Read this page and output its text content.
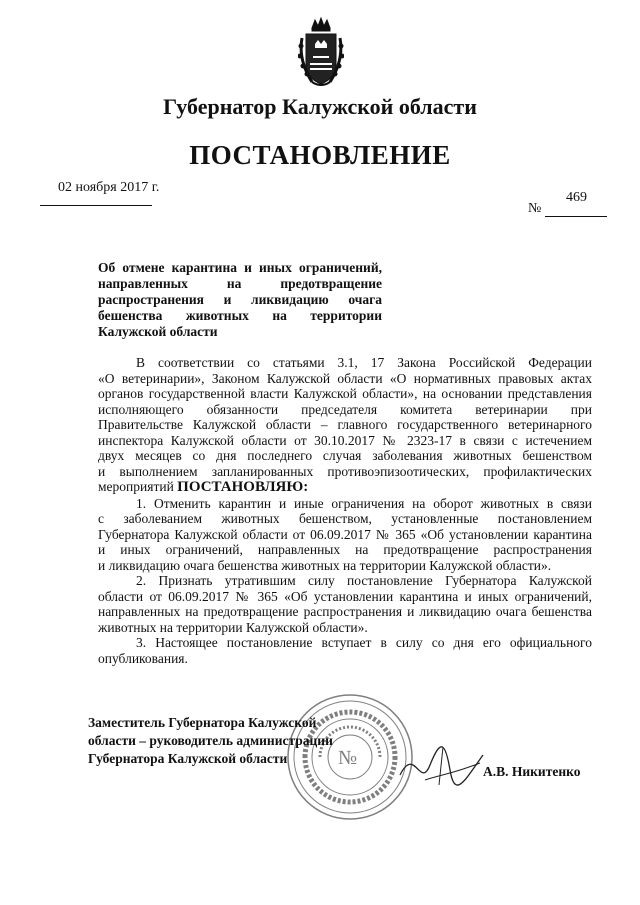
Губернатор Калужской области
ПОСТАНОВЛЕНИЕ
02 ноября 2017 г.
469
№
Об отмене карантина и иных ограничений,
направленных на предотвращение
распространения и ликвидацию очага
бешенства животных на территории
Калужской области
В соответствии со статьями 3.1, 17 Закона Российской Федерации
«О ветеринарии», Законом Калужской области «О нормативных правовых актах
органов государственной власти Калужской области», на основании представления
исполняющего обязанности председателя комитета ветеринарии при
Правительстве Калужской области – главного государственного ветеринарного
инспектора Калужской области от 30.10.2017 № 2323-17 в связи с истечением
двух месяцев со дня последнего случая заболевания животных бешенством
и выполнением запланированных противоэпизоотических, профилактических
мероприятий ПОСТАНОВЛЯЮ:
1. Отменить карантин и иные ограничения на оборот животных в связи
с заболеванием животных бешенством, установленные постановлением
Губернатора Калужской области от 06.09.2017 № 365 «Об установлении карантина
и иных ограничений, направленных на предотвращение распространения
и ликвидацию очага бешенства животных на территории Калужской области».
2. Признать утратившим силу постановление Губернатора Калужской
области от 06.09.2017 № 365 «Об установлении карантина и иных ограничений,
направленных на предотвращение распространения и ликвидацию очага бешенства
животных на территории Калужской области».
3. Настоящее постановление вступает в силу со дня его официального
опубликования.
№
Заместитель Губернатора Калужской
области – руководитель администрации
Губернатора Калужской области
А.В. Никитенко
